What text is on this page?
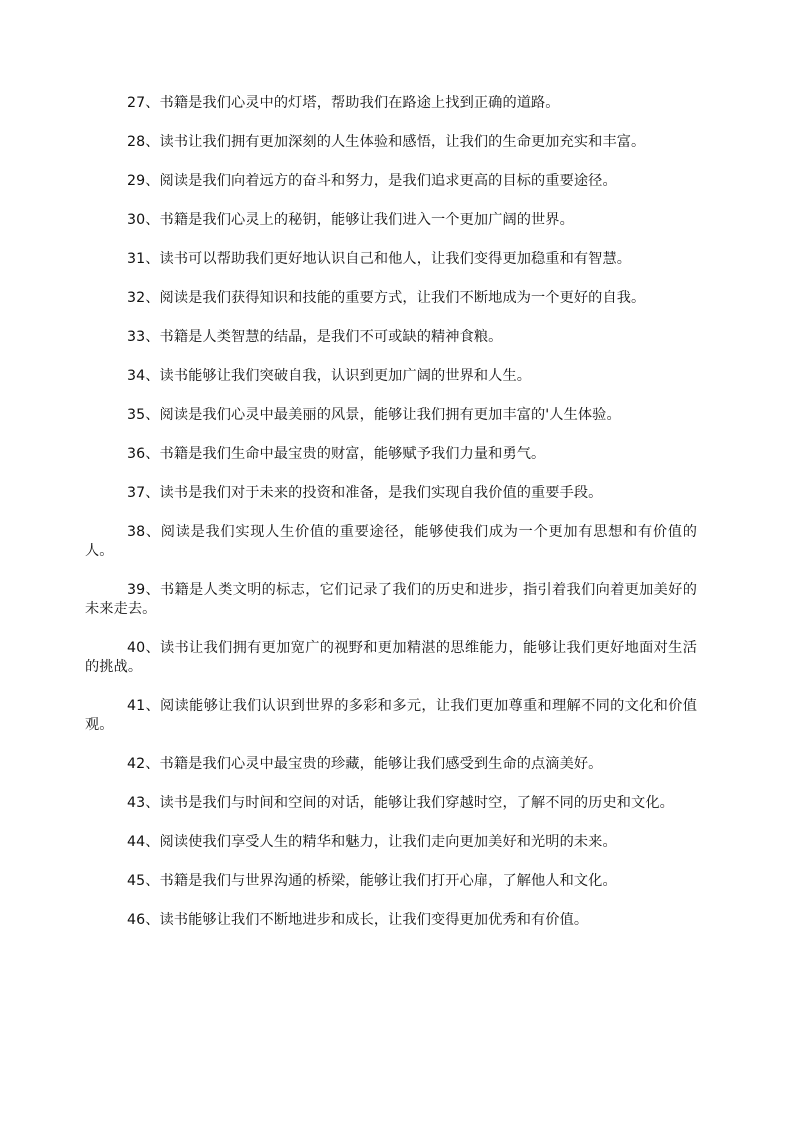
27、书籍是我们心灵中的灯塔，帮助我们在路途上找到正确的道路。

28、读书让我们拥有更加深刻的人生体验和感悟，让我们的生命更加充实和丰富。

29、阅读是我们向着远方的奋斗和努力，是我们追求更高的目标的重要途径。

30、书籍是我们心灵上的秘钥，能够让我们进入一个更加广阔的世界。

31、读书可以帮助我们更好地认识自己和他人，让我们变得更加稳重和有智慧。

32、阅读是我们获得知识和技能的重要方式，让我们不断地成为一个更好的自我。

33、书籍是人类智慧的结晶，是我们不可或缺的精神食粮。

34、读书能够让我们突破自我，认识到更加广阔的世界和人生。

35、阅读是我们心灵中最美丽的风景，能够让我们拥有更加丰富的'人生体验。

36、书籍是我们生命中最宝贵的财富，能够赋予我们力量和勇气。

37、读书是我们对于未来的投资和准备，是我们实现自我价值的重要手段。

38、阅读是我们实现人生价值的重要途径，能够使我们成为一个更加有思想和有价值的人。

39、书籍是人类文明的标志，它们记录了我们的历史和进步，指引着我们向着更加美好的未来走去。

40、读书让我们拥有更加宽广的视野和更加精湛的思维能力，能够让我们更好地面对生活的挑战。

41、阅读能够让我们认识到世界的多彩和多元，让我们更加尊重和理解不同的文化和价值观。

42、书籍是我们心灵中最宝贵的珍藏，能够让我们感受到生命的点滴美好。

43、读书是我们与时间和空间的对话，能够让我们穿越时空，了解不同的历史和文化。

44、阅读使我们享受人生的精华和魅力，让我们走向更加美好和光明的未来。

45、书籍是我们与世界沟通的桥梁，能够让我们打开心扉，了解他人和文化。

46、读书能够让我们不断地进步和成长，让我们变得更加优秀和有价值。
